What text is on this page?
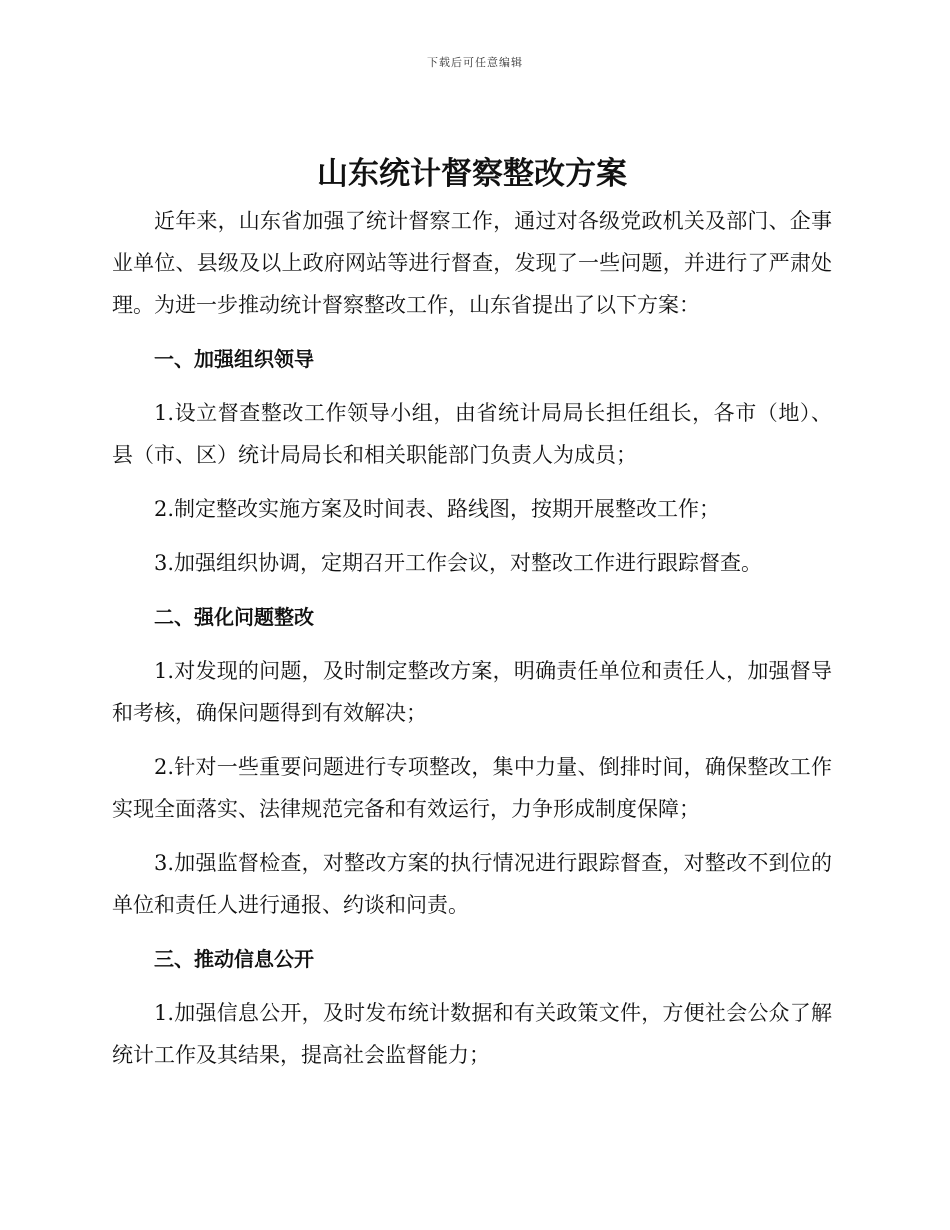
下载后可任意编辑
山东统计督察整改方案

近年来，山东省加强了统计督察工作，通过对各级党政机关及部门、企事业单位、县级及以上政府网站等进行督查，发现了一些问题，并进行了严肃处理。为进一步推动统计督察整改工作，山东省提出了以下方案：

一、加强组织领导

1.设立督查整改工作领导小组，由省统计局局长担任组长，各市（地）、县（市、区）统计局局长和相关职能部门负责人为成员；

2.制定整改实施方案及时间表、路线图，按期开展整改工作；

3.加强组织协调，定期召开工作会议，对整改工作进行跟踪督查。

二、强化问题整改

1.对发现的问题，及时制定整改方案，明确责任单位和责任人，加强督导和考核，确保问题得到有效解决；

2.针对一些重要问题进行专项整改，集中力量、倒排时间，确保整改工作实现全面落实、法律规范完备和有效运行，力争形成制度保障；

3.加强监督检查，对整改方案的执行情况进行跟踪督查，对整改不到位的单位和责任人进行通报、约谈和问责。

三、推动信息公开

1.加强信息公开，及时发布统计数据和有关政策文件，方便社会公众了解统计工作及其结果，提高社会监督能力；
